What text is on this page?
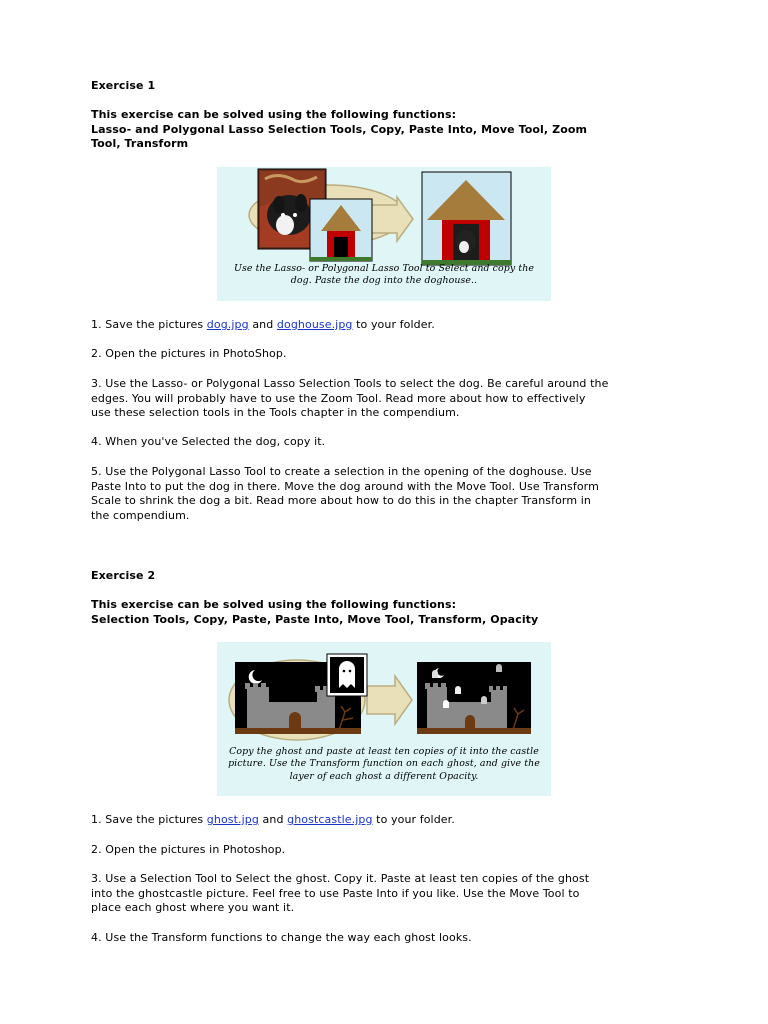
Exercise 1
This exercise can be solved using the following functions:
Lasso- and Polygonal Lasso Selection Tools, Copy, Paste Into, Move Tool, Zoom
Tool, Transform
Use the Lasso- or Polygonal Lasso Tool to Select and copy the
dog. Paste the dog into the doghouse..
1. Save the pictures dog.jpg and doghouse.jpg to your folder.
2. Open the pictures in PhotoShop.
3. Use the Lasso- or Polygonal Lasso Selection Tools to select the dog. Be careful around the
edges. You will probably have to use the Zoom Tool. Read more about how to effectively
use these selection tools in the Tools chapter in the compendium.
4. When you've Selected the dog, copy it.
5. Use the Polygonal Lasso Tool to create a selection in the opening of the doghouse. Use
Paste Into to put the dog in there. Move the dog around with the Move Tool. Use Transform
Scale to shrink the dog a bit. Read more about how to do this in the chapter Transform in
the compendium.
Exercise 2
This exercise can be solved using the following functions:
Selection Tools, Copy, Paste, Paste Into, Move Tool, Transform, Opacity
Copy the ghost and paste at least ten copies of it into the castle
picture. Use the Transform function on each ghost, and give the
layer of each ghost a different Opacity.
1. Save the pictures ghost.jpg and ghostcastle.jpg to your folder.
2. Open the pictures in Photoshop.
3. Use a Selection Tool to Select the ghost. Copy it. Paste at least ten copies of the ghost
into the ghostcastle picture. Feel free to use Paste Into if you like. Use the Move Tool to
place each ghost where you want it.
4. Use the Transform functions to change the way each ghost looks.
